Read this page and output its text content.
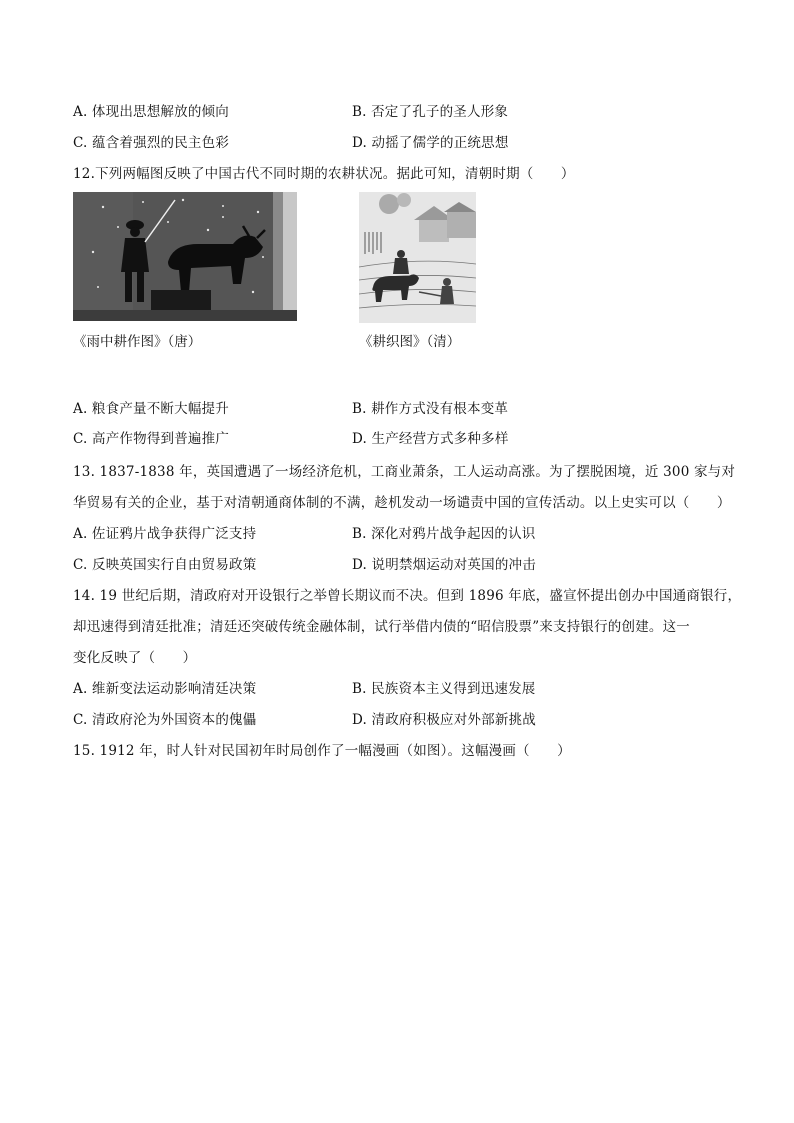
A. 体现出思想解放的倾向	B. 否定了孔子的圣人形象
C. 蕴含着强烈的民主色彩	D. 动摇了儒学的正统思想
12.下列两幅图反映了中国古代不同时期的农耕状况。据此可知，清朝时期（　　）
《雨中耕作图》（唐）	《耕织图》（清）
A. 粮食产量不断大幅提升	B. 耕作方式没有根本变革
C. 高产作物得到普遍推广	D. 生产经营方式多种多样
13. 1837-1838 年，英国遭遇了一场经济危机，工商业萧条，工人运动高涨。为了摆脱困境，近 300 家与对
华贸易有关的企业，基于对清朝通商体制的不满，趁机发动一场谴责中国的宣传活动。以上史实可以（　　）
A. 佐证鸦片战争获得广泛支持	B. 深化对鸦片战争起因的认识
C. 反映英国实行自由贸易政策	D. 说明禁烟运动对英国的冲击
14. 19 世纪后期，清政府对开设银行之举曾长期议而不决。但到 1896 年底，盛宣怀提出创办中国通商银行，
却迅速得到清廷批准；清廷还突破传统金融体制，试行举借内债的“昭信股票”来支持银行的创建。这一
变化反映了（　　）
A. 维新变法运动影响清廷决策	B. 民族资本主义得到迅速发展
C. 清政府沦为外国资本的傀儡	D. 清政府积极应对外部新挑战
15. 1912 年，时人针对民国初年时局创作了一幅漫画（如图）。这幅漫画（　　）
